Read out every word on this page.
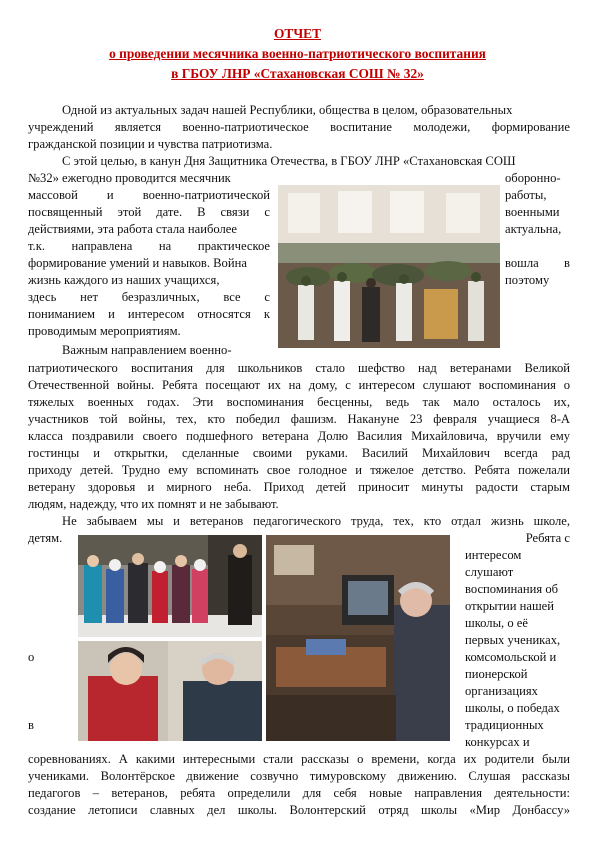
ОТЧЕТ
о проведении месячника военно-патриотического воспитания
в ГБОУ ЛНР «Стахановская СОШ № 32»
Одной из актуальных задач нашей Республики, общества в целом, образовательных
учреждений является военно-патриотическое воспитание молодежи, формирование
гражданской позиции и чувства патриотизма.
С этой целью, в канун Дня Защитника Отечества, в ГБОУ ЛНР «Стахановская СОШ
№32» ежегодно проводится месячник	оборонно-
массовой и военно-патриотической	работы,
посвященный этой дате. В связи с	военными
действиями, эта работа стала наиболее	актуальна,
т.к. направлена на практическое
формирование умений и навыков. Война	вошла в
жизнь каждого из наших учащихся,	поэтому
здесь нет безразличных, все с
пониманием и интересом относятся к
проводимым мероприятиям.
Важным направлением военно-
патриотического воспитания для школьников стало шефство над ветеранами Великой
Отечественной войны. Ребята посещают их на дому, с интересом слушают воспоминания о
тяжелых военных годах. Эти воспоминания бесценны, ведь так мало осталось их,
участников той войны, тех, кто победил фашизм. Накануне 23 февраля учащиеся 8-А
класса поздравили своего подшефного ветерана Долю Василия Михайловича, вручили ему
гостинцы и открытки, сделанные своими руками. Василий Михайлович всегда рад
приходу детей. Трудно ему вспоминать свое голодное и тяжелое детство. Ребята пожелали
ветерану здоровья и мирного неба. Приход детей приносит минуты радости старым
людям, надежду, что их помнят и не забывают.
Не забываем мы и ветеранов педагогического труда, тех, кто отдал жизнь школе,
детям.	Ребята с
интересом
слушают
воспоминания об
открытии нашей
школы, о её
первых учениках,
о	комсомольской и
пионерской
организациях
школы, о победах
в	традиционных
конкурсах и
соревнованиях. А какими интересными стали рассказы о времени, когда их родители были
учениками. Волонтёрское движение созвучно тимуровскому движению. Слушая рассказы
педагогов – ветеранов, ребята определили для себя новые направления деятельности:
создание летописи славных дел школы. Волонтерский отряд школы «Мир Донбассу»
